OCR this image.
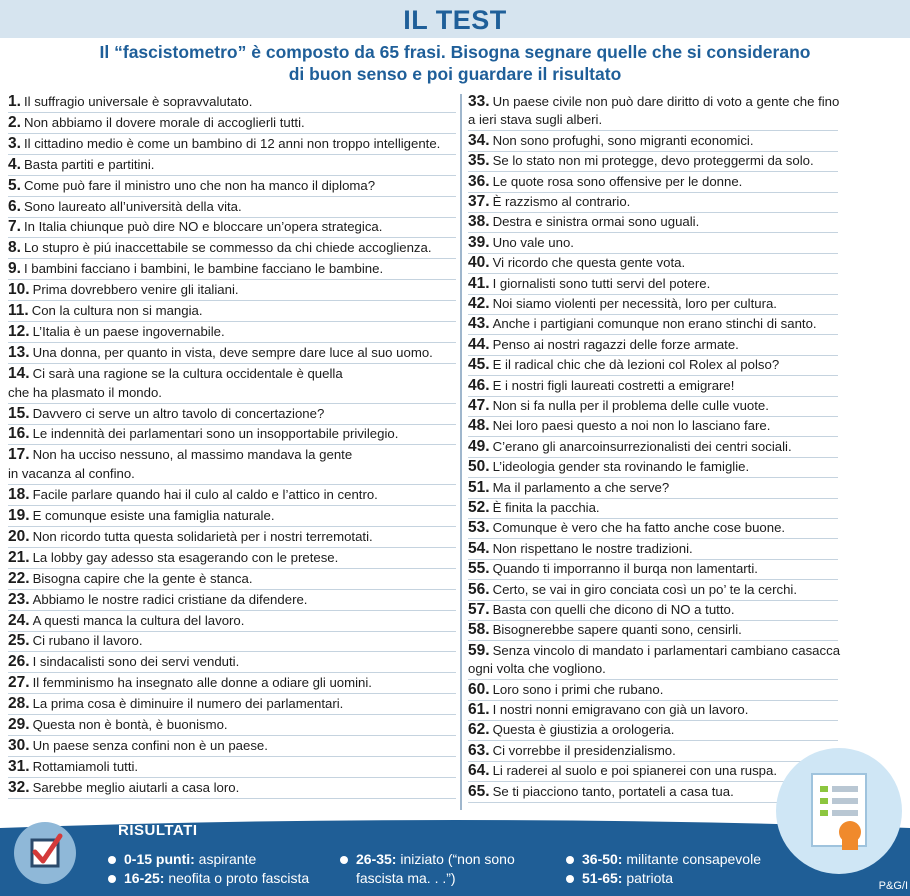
IL TEST
Il “fascistometro” è composto da 65 frasi. Bisogna segnare quelle che si considerano
di buon senso e poi guardare il risultato
1. Il suffragio universale è sopravvalutato.
2. Non abbiamo il dovere morale di accoglierli tutti.
3. Il cittadino medio è come un bambino di 12 anni non troppo intelligente.
4. Basta partiti e partitini.
5. Come può fare il ministro uno che non ha manco il diploma?
6. Sono laureato all’università della vita.
7. In Italia chiunque può dire NO e bloccare un’opera strategica.
8. Lo stupro è piú inaccettabile se commesso da chi chiede accoglienza.
9. I bambini facciano i bambini, le bambine facciano le bambine.
10. Prima dovrebbero venire gli italiani.
11. Con la cultura non si mangia.
12. L’Italia è un paese ingovernabile.
13. Una donna, per quanto in vista, deve sempre dare luce al suo uomo.
14. Ci sarà una ragione se la cultura occidentale è quella
che ha plasmato il mondo.
15. Davvero ci serve un altro tavolo di concertazione?
16. Le indennità dei parlamentari sono un insopportabile privilegio.
17. Non ha ucciso nessuno, al massimo mandava la gente
in vacanza al confino.
18. Facile parlare quando hai il culo al caldo e l’attico in centro.
19. E comunque esiste una famiglia naturale.
20. Non ricordo tutta questa solidarietà per i nostri terremotati.
21. La lobby gay adesso sta esagerando con le pretese.
22. Bisogna capire che la gente è stanca.
23. Abbiamo le nostre radici cristiane da difendere.
24. A questi manca la cultura del lavoro.
25. Ci rubano il lavoro.
26. I sindacalisti sono dei servi venduti.
27. Il femminismo ha insegnato alle donne a odiare gli uomini.
28. La prima cosa è diminuire il numero dei parlamentari.
29. Questa non è bontà, è buonismo.
30. Un paese senza confini non è un paese.
31. Rottamiamoli tutti.
32. Sarebbe meglio aiutarli a casa loro.
33. Un paese civile non può dare diritto di voto a gente che fino
a ieri stava sugli alberi.
34. Non sono profughi, sono migranti economici.
35. Se lo stato non mi protegge, devo proteggermi da solo.
36. Le quote rosa sono offensive per le donne.
37. È razzismo al contrario.
38. Destra e sinistra ormai sono uguali.
39. Uno vale uno.
40. Vi ricordo che questa gente vota.
41. I giornalisti sono tutti servi del potere.
42. Noi siamo violenti per necessità, loro per cultura.
43. Anche i partigiani comunque non erano stinchi di santo.
44. Penso ai nostri ragazzi delle forze armate.
45. E il radical chic che dà lezioni col Rolex al polso?
46. E i nostri figli laureati costretti a emigrare!
47. Non si fa nulla per il problema delle culle vuote.
48. Nei loro paesi questo a noi non lo lasciano fare.
49. C’erano gli anarcoinsurrezionalisti dei centri sociali.
50. L’ideologia gender sta rovinando le famiglie.
51. Ma il parlamento a che serve?
52. È finita la pacchia.
53. Comunque è vero che ha fatto anche cose buone.
54. Non rispettano le nostre tradizioni.
55. Quando ti imporranno il burqa non lamentarti.
56. Certo, se vai in giro conciata così un po’ te la cerchi.
57. Basta con quelli che dicono di NO a tutto.
58. Bisognerebbe sapere quanti sono, censirli.
59. Senza vincolo di mandato i parlamentari cambiano casacca
ogni volta che vogliono.
60. Loro sono i primi che rubano.
61. I nostri nonni emigravano con già un lavoro.
62. Questa è giustizia a orologeria.
63. Ci vorrebbe il presidenzialismo.
64. Li raderei al suolo e poi spianerei con una ruspa.
65. Se ti piacciono tanto, portateli a casa tua.
RISULTATI
0-15 punti: aspirante
16-25: neofita o proto fascista
26-35: iniziato (“non sono
fascista ma. . .”)
36-50: militante consapevole
51-65: patriota	P&G/I
